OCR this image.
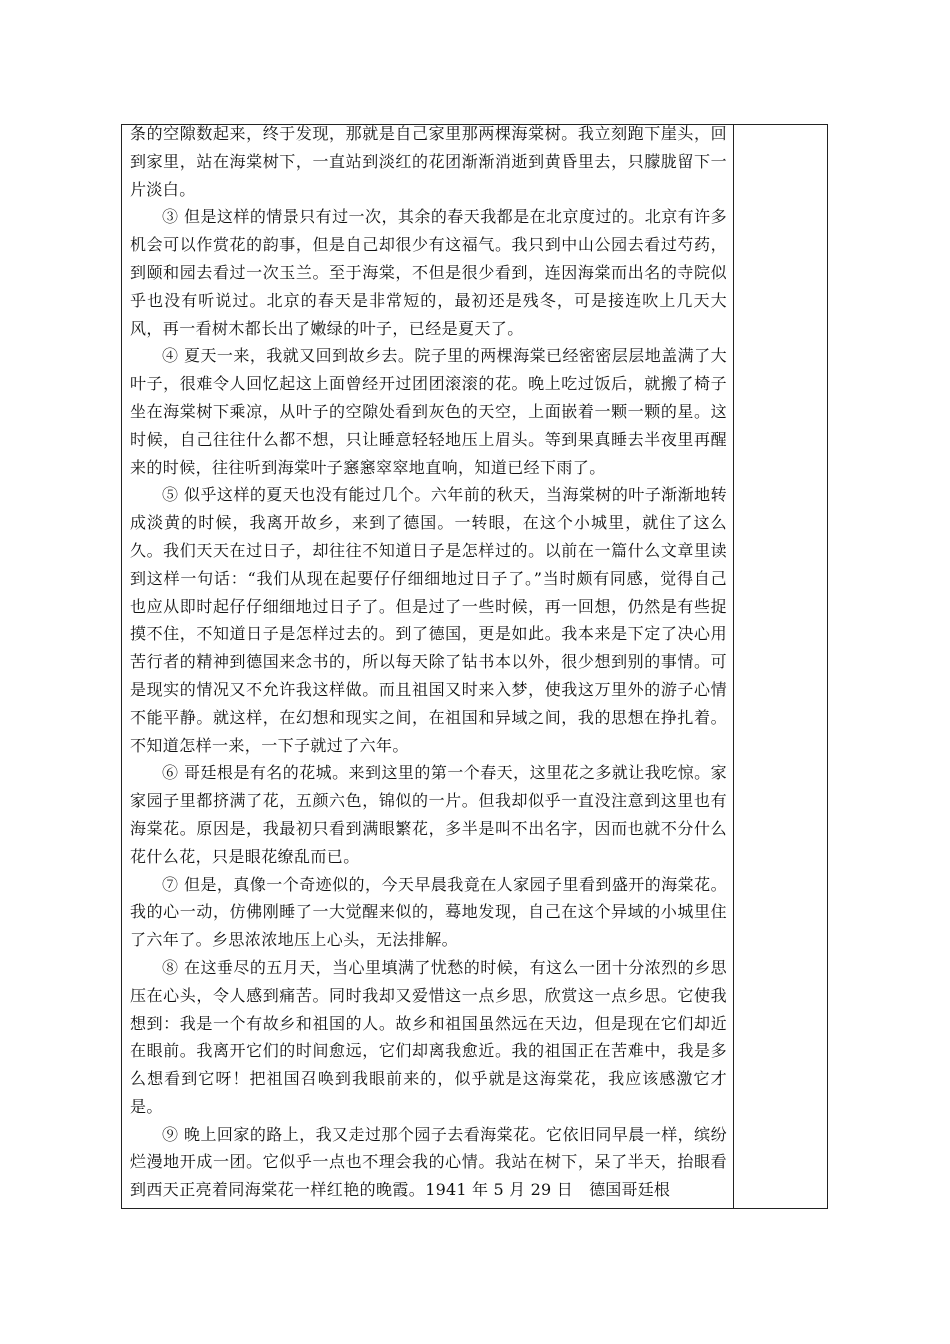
条的空隙数起来，终于发现，那就是自己家里那两棵海棠树。我立刻跑下崖头，回到家里，站在海棠树下，一直站到淡红的花团渐渐消逝到黄昏里去，只朦胧留下一片淡白。

③ 但是这样的情景只有过一次，其余的春天我都是在北京度过的。北京有许多机会可以作赏花的韵事，但是自己却很少有这福气。我只到中山公园去看过芍药，到颐和园去看过一次玉兰。至于海棠，不但是很少看到，连因海棠而出名的寺院似乎也没有听说过。北京的春天是非常短的，最初还是残冬，可是接连吹上几天大风，再一看树木都长出了嫩绿的叶子，已经是夏天了。

④ 夏天一来，我就又回到故乡去。院子里的两棵海棠已经密密层层地盖满了大叶子，很难令人回忆起这上面曾经开过团团滚滚的花。晚上吃过饭后，就搬了椅子坐在海棠树下乘凉，从叶子的空隙处看到灰色的天空，上面嵌着一颗一颗的星。这时候，自己往往什么都不想，只让睡意轻轻地压上眉头。等到果真睡去半夜里再醒来的时候，往往听到海棠叶子窸窸窣窣地直响，知道已经下雨了。

⑤ 似乎这样的夏天也没有能过几个。六年前的秋天，当海棠树的叶子渐渐地转成淡黄的时候，我离开故乡，来到了德国。一转眼，在这个小城里，就住了这么久。我们天天在过日子，却往往不知道日子是怎样过的。以前在一篇什么文章里读到这样一句话：“我们从现在起要仔仔细细地过日子了。”当时颇有同感，觉得自己也应从即时起仔仔细细地过日子了。但是过了一些时候，再一回想，仍然是有些捉摸不住，不知道日子是怎样过去的。到了德国，更是如此。我本来是下定了决心用苦行者的精神到德国来念书的，所以每天除了钻书本以外，很少想到别的事情。可是现实的情况又不允许我这样做。而且祖国又时来入梦，使我这万里外的游子心情不能平静。就这样，在幻想和现实之间，在祖国和异域之间，我的思想在挣扎着。不知道怎样一来，一下子就过了六年。

⑥ 哥廷根是有名的花城。来到这里的第一个春天，这里花之多就让我吃惊。家家园子里都挤满了花，五颜六色，锦似的一片。但我却似乎一直没注意到这里也有海棠花。原因是，我最初只看到满眼繁花，多半是叫不出名字，因而也就不分什么花什么花，只是眼花缭乱而已。

⑦ 但是，真像一个奇迹似的，今天早晨我竟在人家园子里看到盛开的海棠花。我的心一动，仿佛刚睡了一大觉醒来似的，蓦地发现，自己在这个异域的小城里住了六年了。乡思浓浓地压上心头，无法排解。

⑧ 在这垂尽的五月天，当心里填满了忧愁的时候，有这么一团十分浓烈的乡思压在心头，令人感到痛苦。同时我却又爱惜这一点乡思，欣赏这一点乡思。它使我想到：我是一个有故乡和祖国的人。故乡和祖国虽然远在天边，但是现在它们却近在眼前。我离开它们的时间愈远，它们却离我愈近。我的祖国正在苦难中，我是多么想看到它呀！把祖国召唤到我眼前来的，似乎就是这海棠花，我应该感激它才是。

⑨ 晚上回家的路上，我又走过那个园子去看海棠花。它依旧同早晨一样，缤纷烂漫地开成一团。它似乎一点也不理会我的心情。我站在树下，呆了半天，抬眼看到西天正亮着同海棠花一样红艳的晚霞。1941 年 5 月 29 日　德国哥廷根
